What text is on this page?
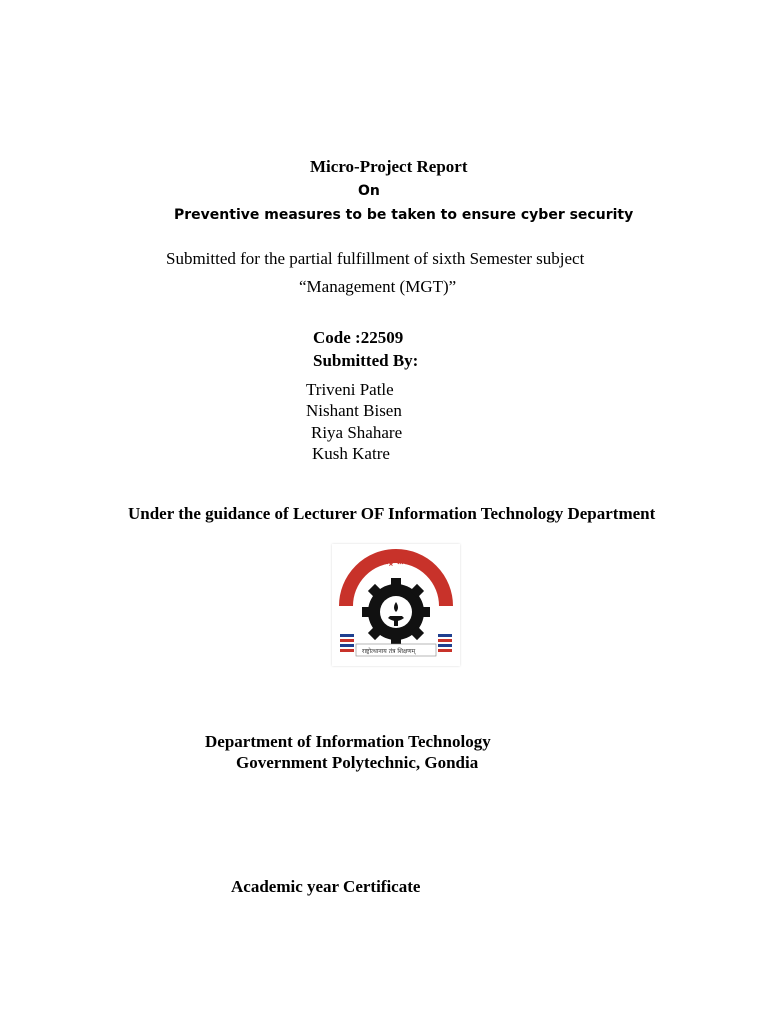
Micro-Project Report
On
Preventive measures to be taken to ensure cyber security
Submitted for the partial fulfillment of sixth Semester subject
“Management (MGT)”
Code :22509
Submitted By:
Triveni Patle
Nishant Bisen
Riya Shahare
Kush Katre
Under the guidance of Lecturer OF Information Technology Department
महाराष्ट्र शासन
राष्ट्रोत्थानाय तंत्र शिक्षणम्
Department of Information Technology
Government Polytechnic, Gondia
Academic year Certificate
